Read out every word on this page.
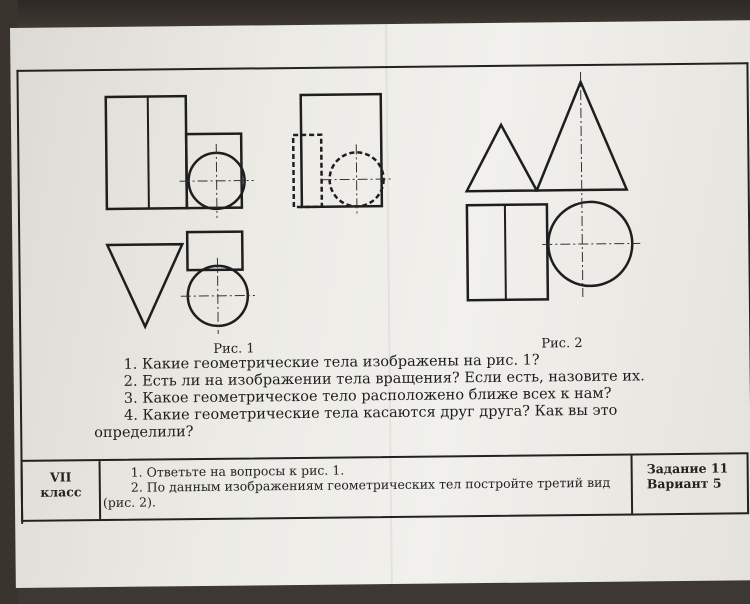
Рис. 1	Рис. 2

1. Какие геометрические тела изображены на рис. 1?

2. Есть ли на изображении тела вращения? Если есть, назовите их.

3. Какое геометрическое тело расположено ближе всех к нам?

4. Какие геометрические тела касаются друг друга? Как вы это определили?

VII
класс

1. Ответьте на вопросы к рис. 1.

2. По данным изображениям геометрических тел постройте третий вид (рис. 2).

Задание 11
Вариант 5
